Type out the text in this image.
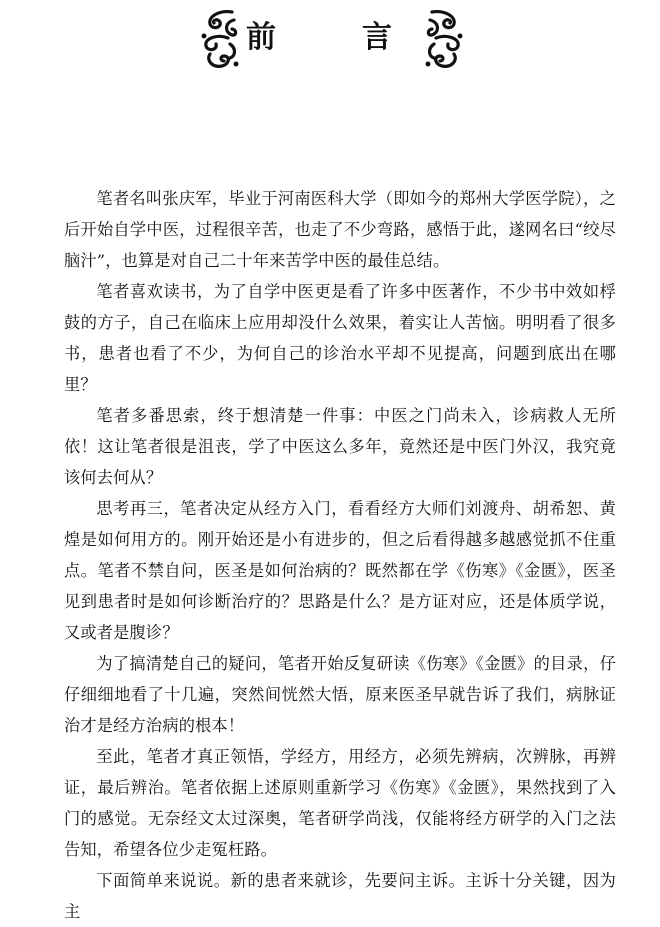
前	言

笔者名叫张庆军，毕业于河南医科大学（即如今的郑州大学医学院），之后开始自学中医，过程很辛苦，也走了不少弯路，感悟于此，遂网名曰“绞尽脑汁”，也算是对自己二十年来苦学中医的最佳总结。

笔者喜欢读书，为了自学中医更是看了许多中医著作，不少书中效如桴鼓的方子，自己在临床上应用却没什么效果，着实让人苦恼。明明看了很多书，患者也看了不少，为何自己的诊治水平却不见提高，问题到底出在哪里？

笔者多番思索，终于想清楚一件事：中医之门尚未入，诊病救人无所依！这让笔者很是沮丧，学了中医这么多年，竟然还是中医门外汉，我究竟该何去何从？

思考再三，笔者决定从经方入门，看看经方大师们刘渡舟、胡希恕、黄煌是如何用方的。刚开始还是小有进步的，但之后看得越多越感觉抓不住重点。笔者不禁自问，医圣是如何治病的？既然都在学《伤寒》《金匮》，医圣见到患者时是如何诊断治疗的？思路是什么？是方证对应，还是体质学说，又或者是腹诊？

为了搞清楚自己的疑问，笔者开始反复研读《伤寒》《金匮》的目录，仔仔细细地看了十几遍，突然间恍然大悟，原来医圣早就告诉了我们，病脉证治才是经方治病的根本！

至此，笔者才真正领悟，学经方，用经方，必须先辨病，次辨脉，再辨证，最后辨治。笔者依据上述原则重新学习《伤寒》《金匮》，果然找到了入门的感觉。无奈经文太过深奥，笔者研学尚浅，仅能将经方研学的入门之法告知，希望各位少走冤枉路。

下面简单来说说。新的患者来就诊，先要问主诉。主诉十分关键，因为主
